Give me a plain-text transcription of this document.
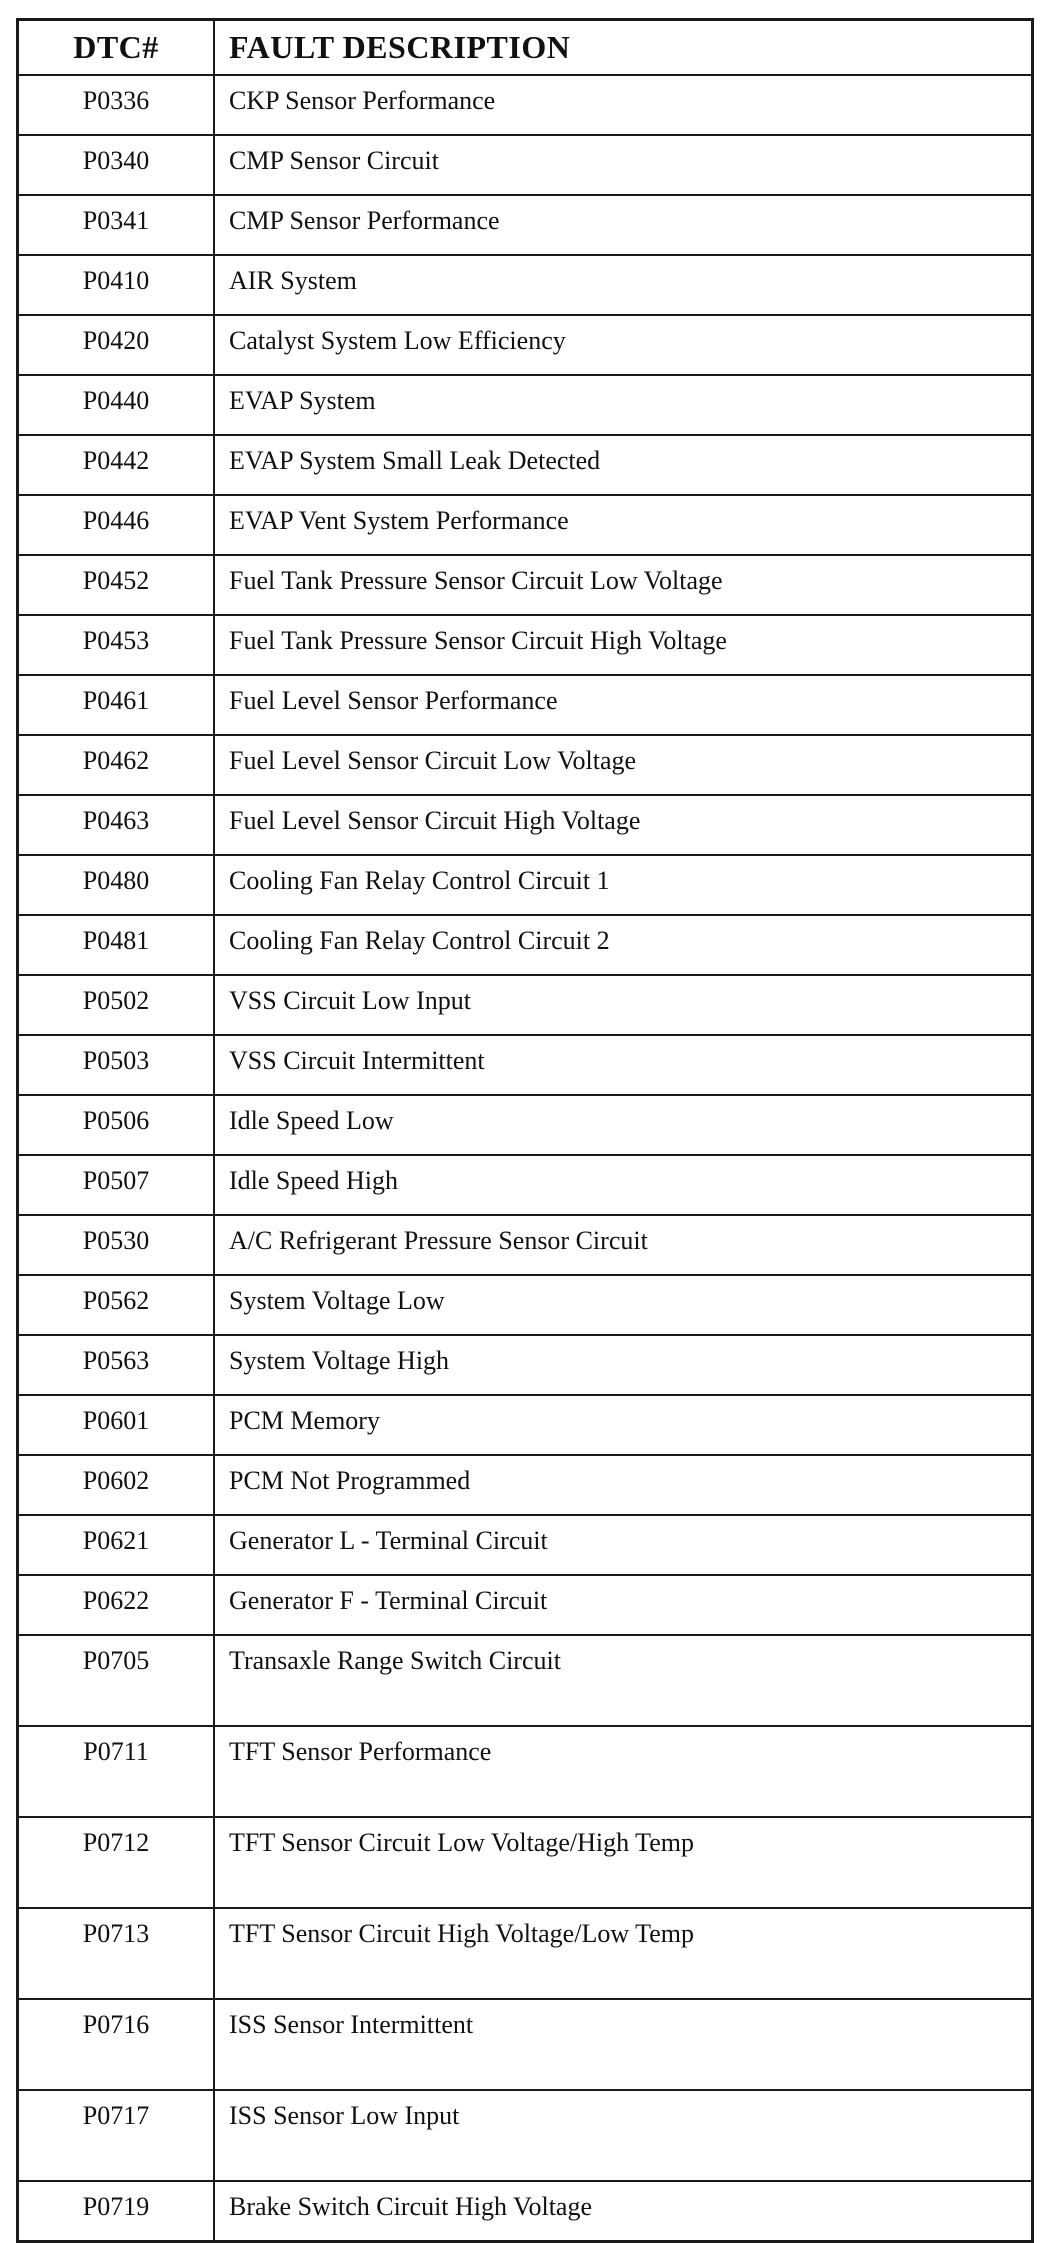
DTC#	FAULT DESCRIPTION
P0336	CKP Sensor Performance
P0340	CMP Sensor Circuit
P0341	CMP Sensor Performance
P0410	AIR System
P0420	Catalyst System Low Efficiency
P0440	EVAP System
P0442	EVAP System Small Leak Detected
P0446	EVAP Vent System Performance
P0452	Fuel Tank Pressure Sensor Circuit Low Voltage
P0453	Fuel Tank Pressure Sensor Circuit High Voltage
P0461	Fuel Level Sensor Performance
P0462	Fuel Level Sensor Circuit Low Voltage
P0463	Fuel Level Sensor Circuit High Voltage
P0480	Cooling Fan Relay Control Circuit 1
P0481	Cooling Fan Relay Control Circuit 2
P0502	VSS Circuit Low Input
P0503	VSS Circuit Intermittent
P0506	Idle Speed Low
P0507	Idle Speed High
P0530	A/C Refrigerant Pressure Sensor Circuit
P0562	System Voltage Low
P0563	System Voltage High
P0601	PCM Memory
P0602	PCM Not Programmed
P0621	Generator L - Terminal Circuit
P0622	Generator F - Terminal Circuit
P0705	Transaxle Range Switch Circuit
P0711	TFT Sensor Performance
P0712	TFT Sensor Circuit Low Voltage/High Temp
P0713	TFT Sensor Circuit High Voltage/Low Temp
P0716	ISS Sensor Intermittent
P0717	ISS Sensor Low Input
P0719	Brake Switch Circuit High Voltage
